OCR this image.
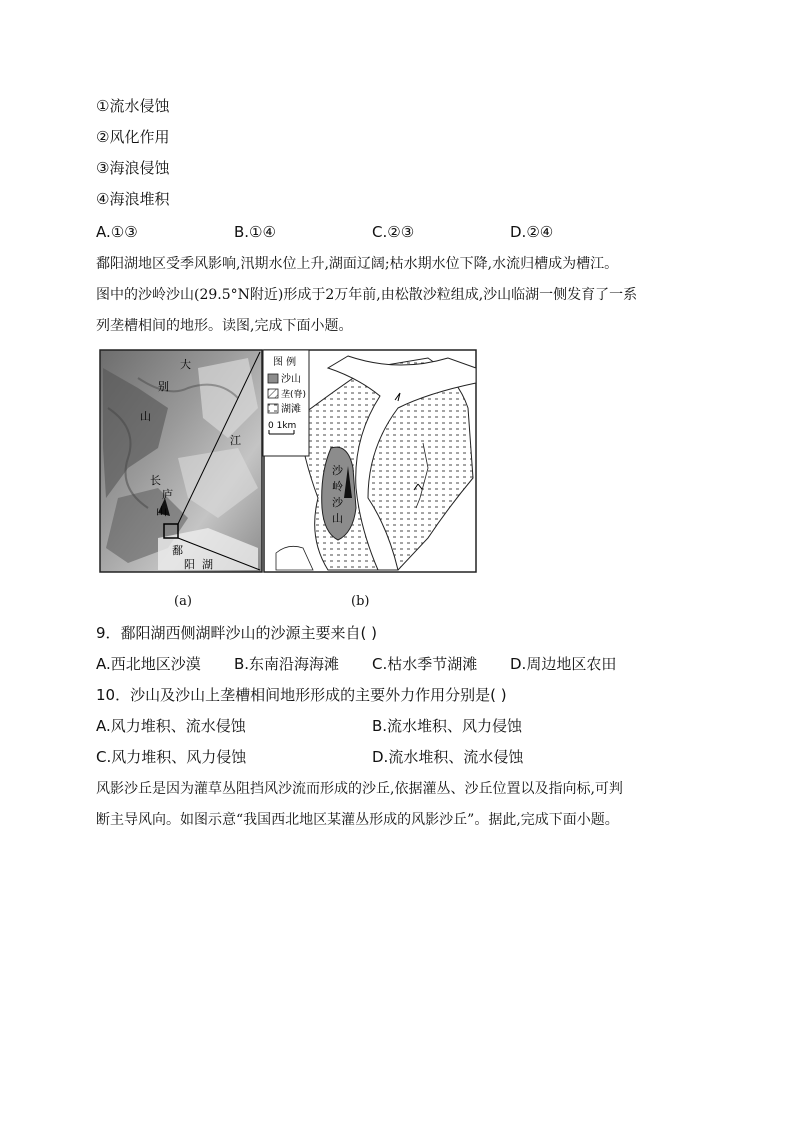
①流水侵蚀
②风化作用
③海浪侵蚀
④海浪堆积
A.①③	B.①④	C.②③	D.②④
鄱阳湖地区受季风影响,汛期水位上升,湖面辽阔;枯水期水位下降,水流归槽成为槽江。
图中的沙岭沙山(29.5°N附近)形成于2万年前,由松散沙粒组成,沙山临湖一侧发育了一系
列垄槽相间的地形。读图,完成下面小题。
大
别
山
江
长
庐
山
鄱
阳 湖
图 例
沙山
垄(脊)
湖滩
0 1km
沙
岭
沙
山
(a)	(b)
9．鄱阳湖西侧湖畔沙山的沙源主要来自( )
A.西北地区沙漠 B.东南沿海海滩 C.枯水季节湖滩 D.周边地区农田
10．沙山及沙山上垄槽相间地形形成的主要外力作用分别是( )
A.风力堆积、流水侵蚀	B.流水堆积、风力侵蚀
C.风力堆积、风力侵蚀	D.流水堆积、流水侵蚀
风影沙丘是因为灌草丛阻挡风沙流而形成的沙丘,依据灌丛、沙丘位置以及指向标,可判
断主导风向。如图示意“我国西北地区某灌丛形成的风影沙丘”。据此,完成下面小题。
